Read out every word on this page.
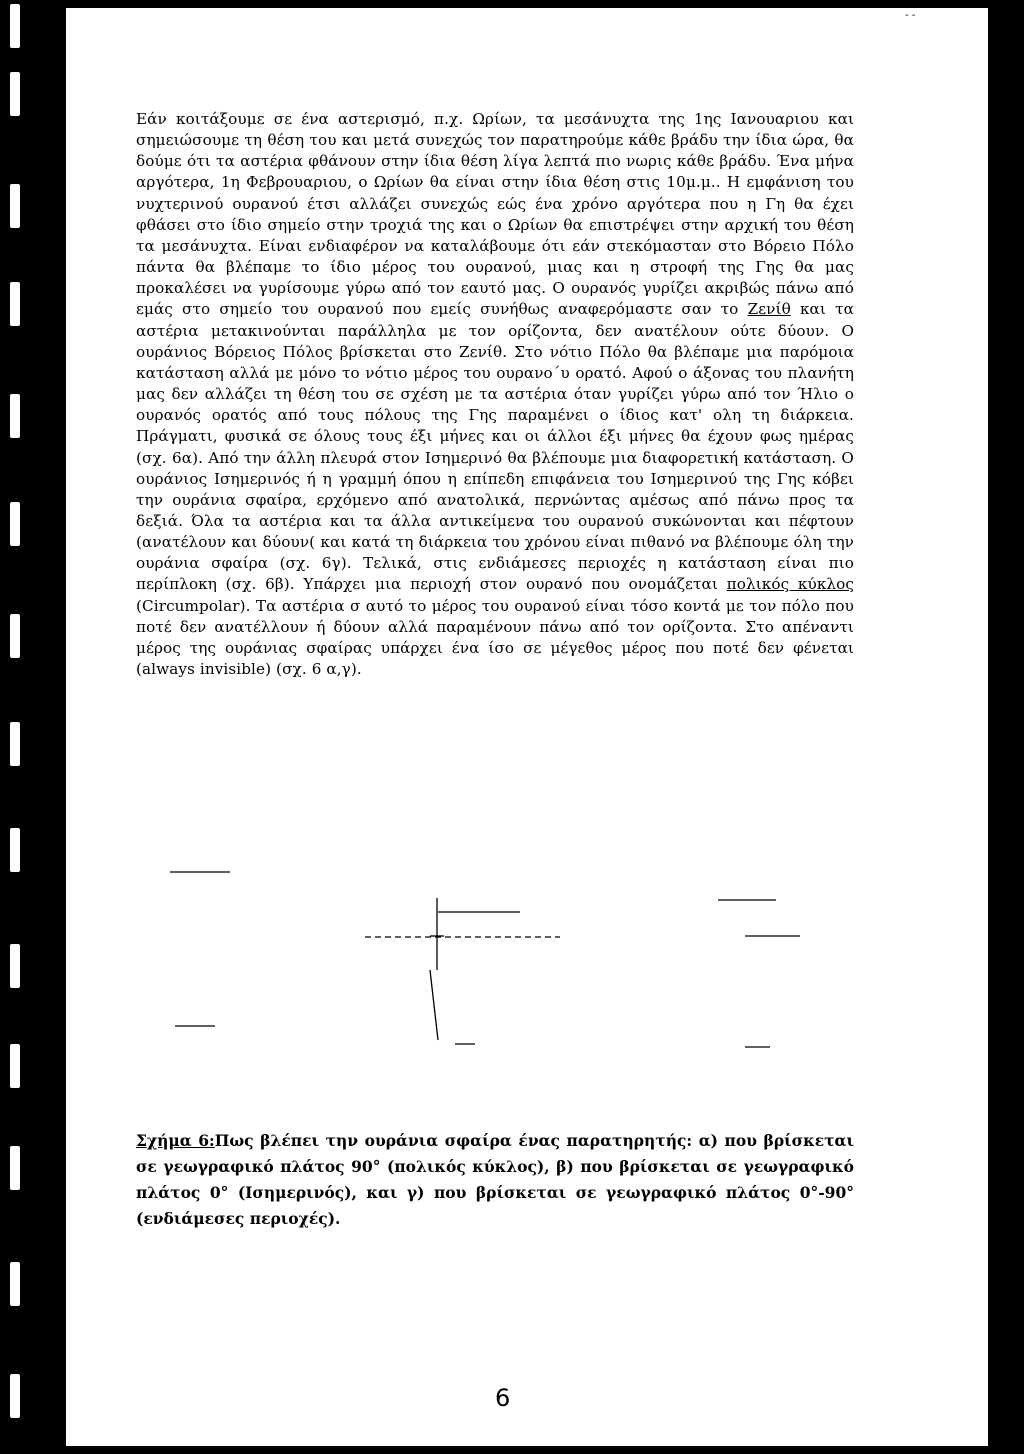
- -

Εάν κοιτάξουμε σε ένα αστερισμό, π.χ. Ωρίων, τα μεσάνυχτα της 1ης Ιανουαριου και σημειώσουμε τη θέση του και μετά συνεχώς τον παρατηρούμε κάθε βράδυ την ίδια ώρα, θα δούμε ότι τα αστέρια φθάνουν στην ίδια θέση λίγα λεπτά πιο νωρις κάθε βράδυ. Ένα μήνα αργότερα, 1η Φεβρουαριου, ο Ωρίων θα είναι στην ίδια θέση στις 10μ.μ.. Η εμφάνιση του νυχτερινού ουρανού έτσι αλλάζει συνεχώς εώς ένα χρόνο αργότερα που η Γη θα έχει φθάσει στο ίδιο σημείο στην τροχιά της και ο Ωρίων θα επιστρέψει στην αρχική του θέση τα μεσάνυχτα. Είναι ενδιαφέρον να καταλάβουμε ότι εάν στεκόμασταν στο Βόρειο Πόλο πάντα θα βλέπαμε το ίδιο μέρος του ουρανού, μιας και η στροφή της Γης θα μας προκαλέσει να γυρίσουμε γύρω από τον εαυτό μας. Ο ουρανός γυρίζει ακριβώς πάνω από εμάς στο σημείο του ουρανού που εμείς συνήθως αναφερόμαστε σαν το Ζενίθ και τα αστέρια μετακινούνται παράλληλα με τον ορίζοντα, δεν ανατέλουν ούτε δύουν. Ο ουράνιος Βόρειος Πόλος βρίσκεται στο Ζενίθ. Στο νότιο Πόλο θα βλέπαμε μια παρόμοια κατάσταση αλλά με μόνο το νότιο μέρος του ουρανο΄υ ορατό. Αφού ο άξονας του πλανήτη μας δεν αλλάζει τη θέση του σε σχέση με τα αστέρια όταν γυρίζει γύρω από τον Ήλιο ο ουρανός ορατός από τους πόλους της Γης παραμένει ο ίδιος κατ' ολη τη διάρκεια. Πράγματι, φυσικά σε όλους τους έξι μήνες και οι άλλοι έξι μήνες θα έχουν φως ημέρας (σχ. 6α). Από την άλλη πλευρά στον Ισημερινό θα βλέπουμε μια διαφορετική κατάσταση. Ο ουράνιος Ισημερινός ή η γραμμή όπου η επίπεδη επιφάνεια του Ισημερινού της Γης κόβει την ουράνια σφαίρα, ερχόμενο από ανατολικά, περνώντας αμέσως από πάνω προς τα δεξιά. Όλα τα αστέρια και τα άλλα αντικείμενα του ουρανού συκώνονται και πέφτουν (ανατέλουν και δύουν( και κατά τη διάρκεια του χρόνου είναι πιθανό να βλέπουμε όλη την ουράνια σφαίρα (σχ. 6γ). Τελικά, στις ενδιάμεσες περιοχές η κατάσταση είναι πιο περίπλοκη (σχ. 6β). Υπάρχει μια περιοχή στον ουρανό που ονομάζεται πολικός κύκλος (Circumpolar). Τα αστέρια σ αυτό το μέρος του ουρανού είναι τόσο κοντά με τον πόλο που ποτέ δεν ανατέλλουν ή δύουν αλλά παραμένουν πάνω από τον ορίζοντα. Στο απέναντι μέρος της ουράνιας σφαίρας υπάρχει ένα ίσο σε μέγεθος μέρος που ποτέ δεν φένεται (always invisible) (σχ. 6 α,γ).

Σχήμα 6:Πως βλέπει την ουράνια σφαίρα ένας παρατηρητής: α) που βρίσκεται σε γεωγραφικό πλάτος 90° (πολικός κύκλος), β) που βρίσκεται σε γεωγραφικό πλάτος 0° (Ισημερινός), και γ) που βρίσκεται σε γεωγραφικό πλάτος 0°-90° (ενδιάμεσες περιοχές).

6
